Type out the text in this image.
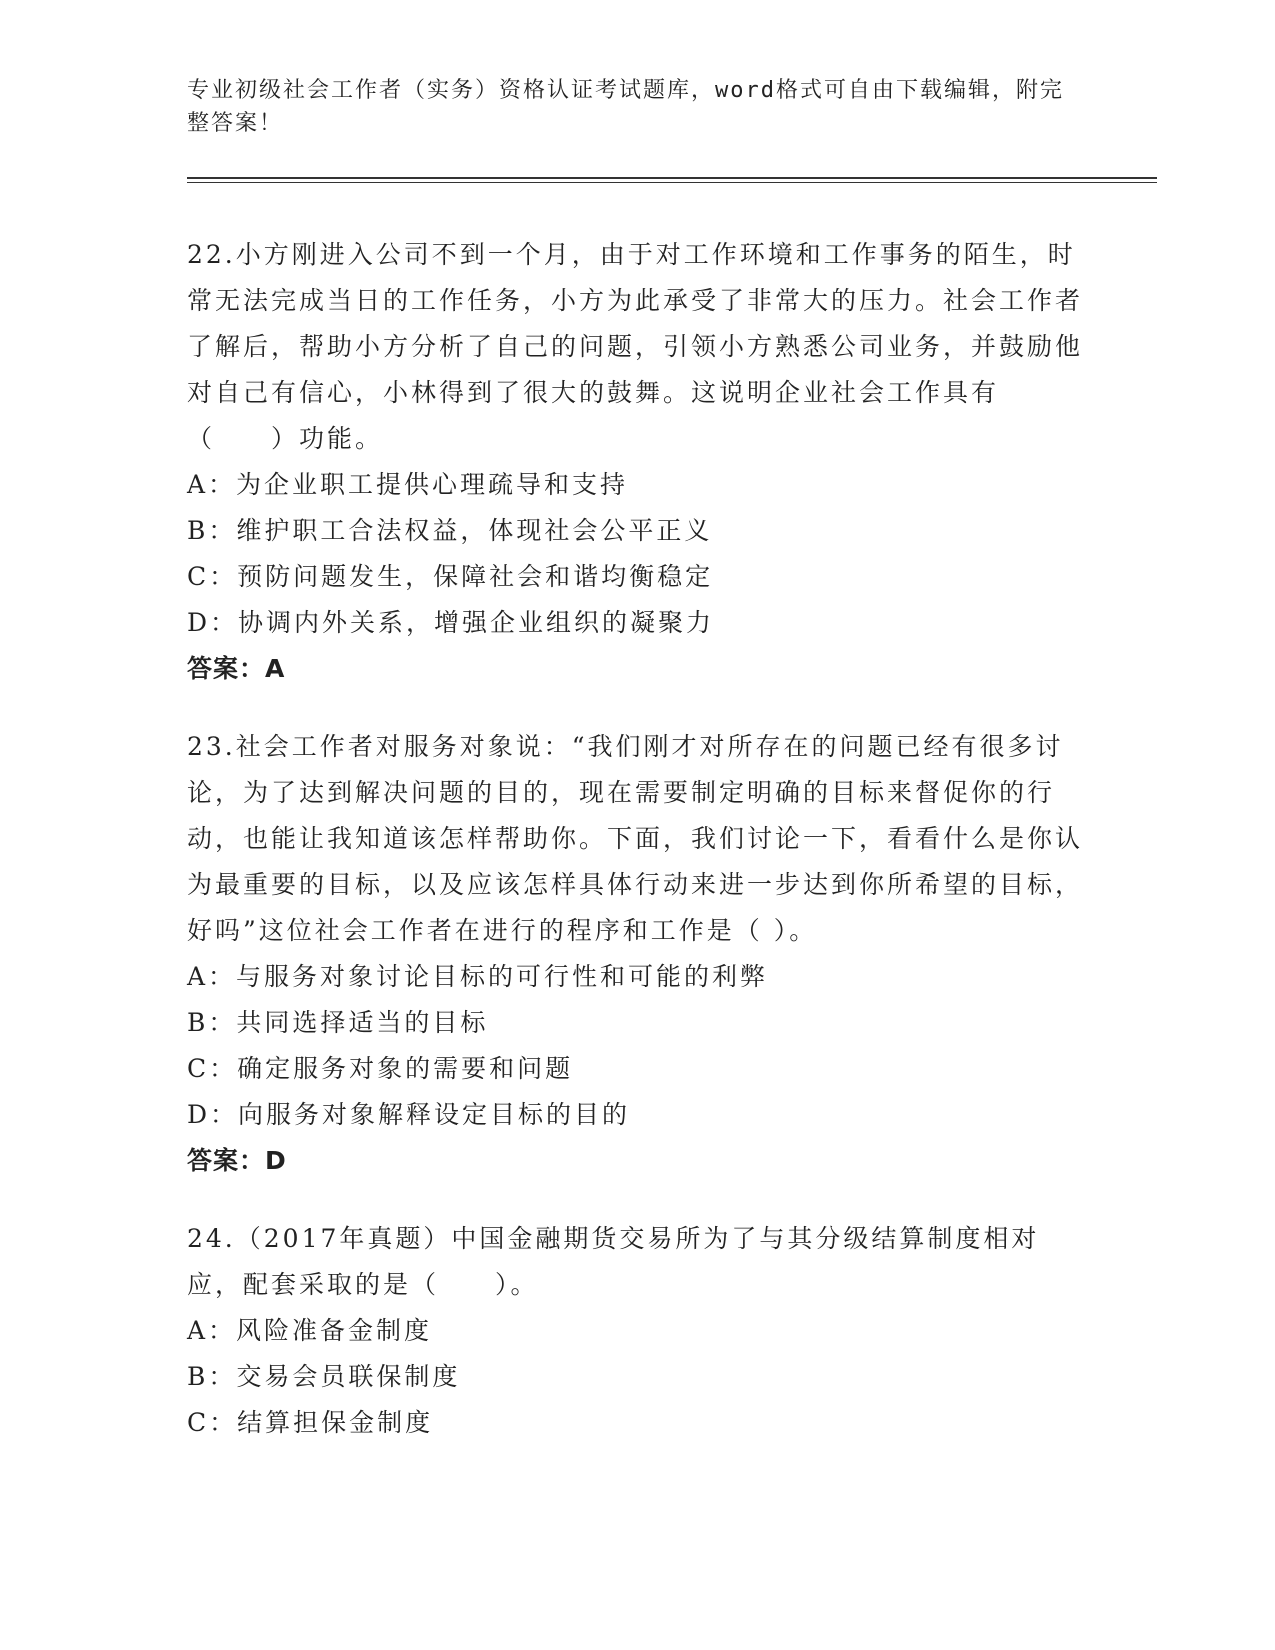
专业初级社会工作者（实务）资格认证考试题库，word格式可自由下载编辑，附完整答案！

22.小方刚进入公司不到一个月，由于对工作环境和工作事务的陌生，时常无法完成当日的工作任务，小方为此承受了非常大的压力。社会工作者了解后，帮助小方分析了自己的问题，引领小方熟悉公司业务，并鼓励他对自己有信心，小林得到了很大的鼓舞。这说明企业社会工作具有（　　）功能。

A：为企业职工提供心理疏导和支持
B：维护职工合法权益，体现社会公平正义
C：预防问题发生，保障社会和谐均衡稳定
D：协调内外关系，增强企业组织的凝聚力
答案：A

23.社会工作者对服务对象说：“我们刚才对所存在的问题已经有很多讨论，为了达到解决问题的目的，现在需要制定明确的目标来督促你的行动，也能让我知道该怎样帮助你。下面，我们讨论一下，看看什么是你认为最重要的目标，以及应该怎样具体行动来进一步达到你所希望的目标，好吗”这位社会工作者在进行的程序和工作是（ ）。

A：与服务对象讨论目标的可行性和可能的利弊
B：共同选择适当的目标
C：确定服务对象的需要和问题
D：向服务对象解释设定目标的目的
答案：D

24.（2017年真题）中国金融期货交易所为了与其分级结算制度相对应，配套采取的是（　　）。

A：风险准备金制度
B：交易会员联保制度
C：结算担保金制度
